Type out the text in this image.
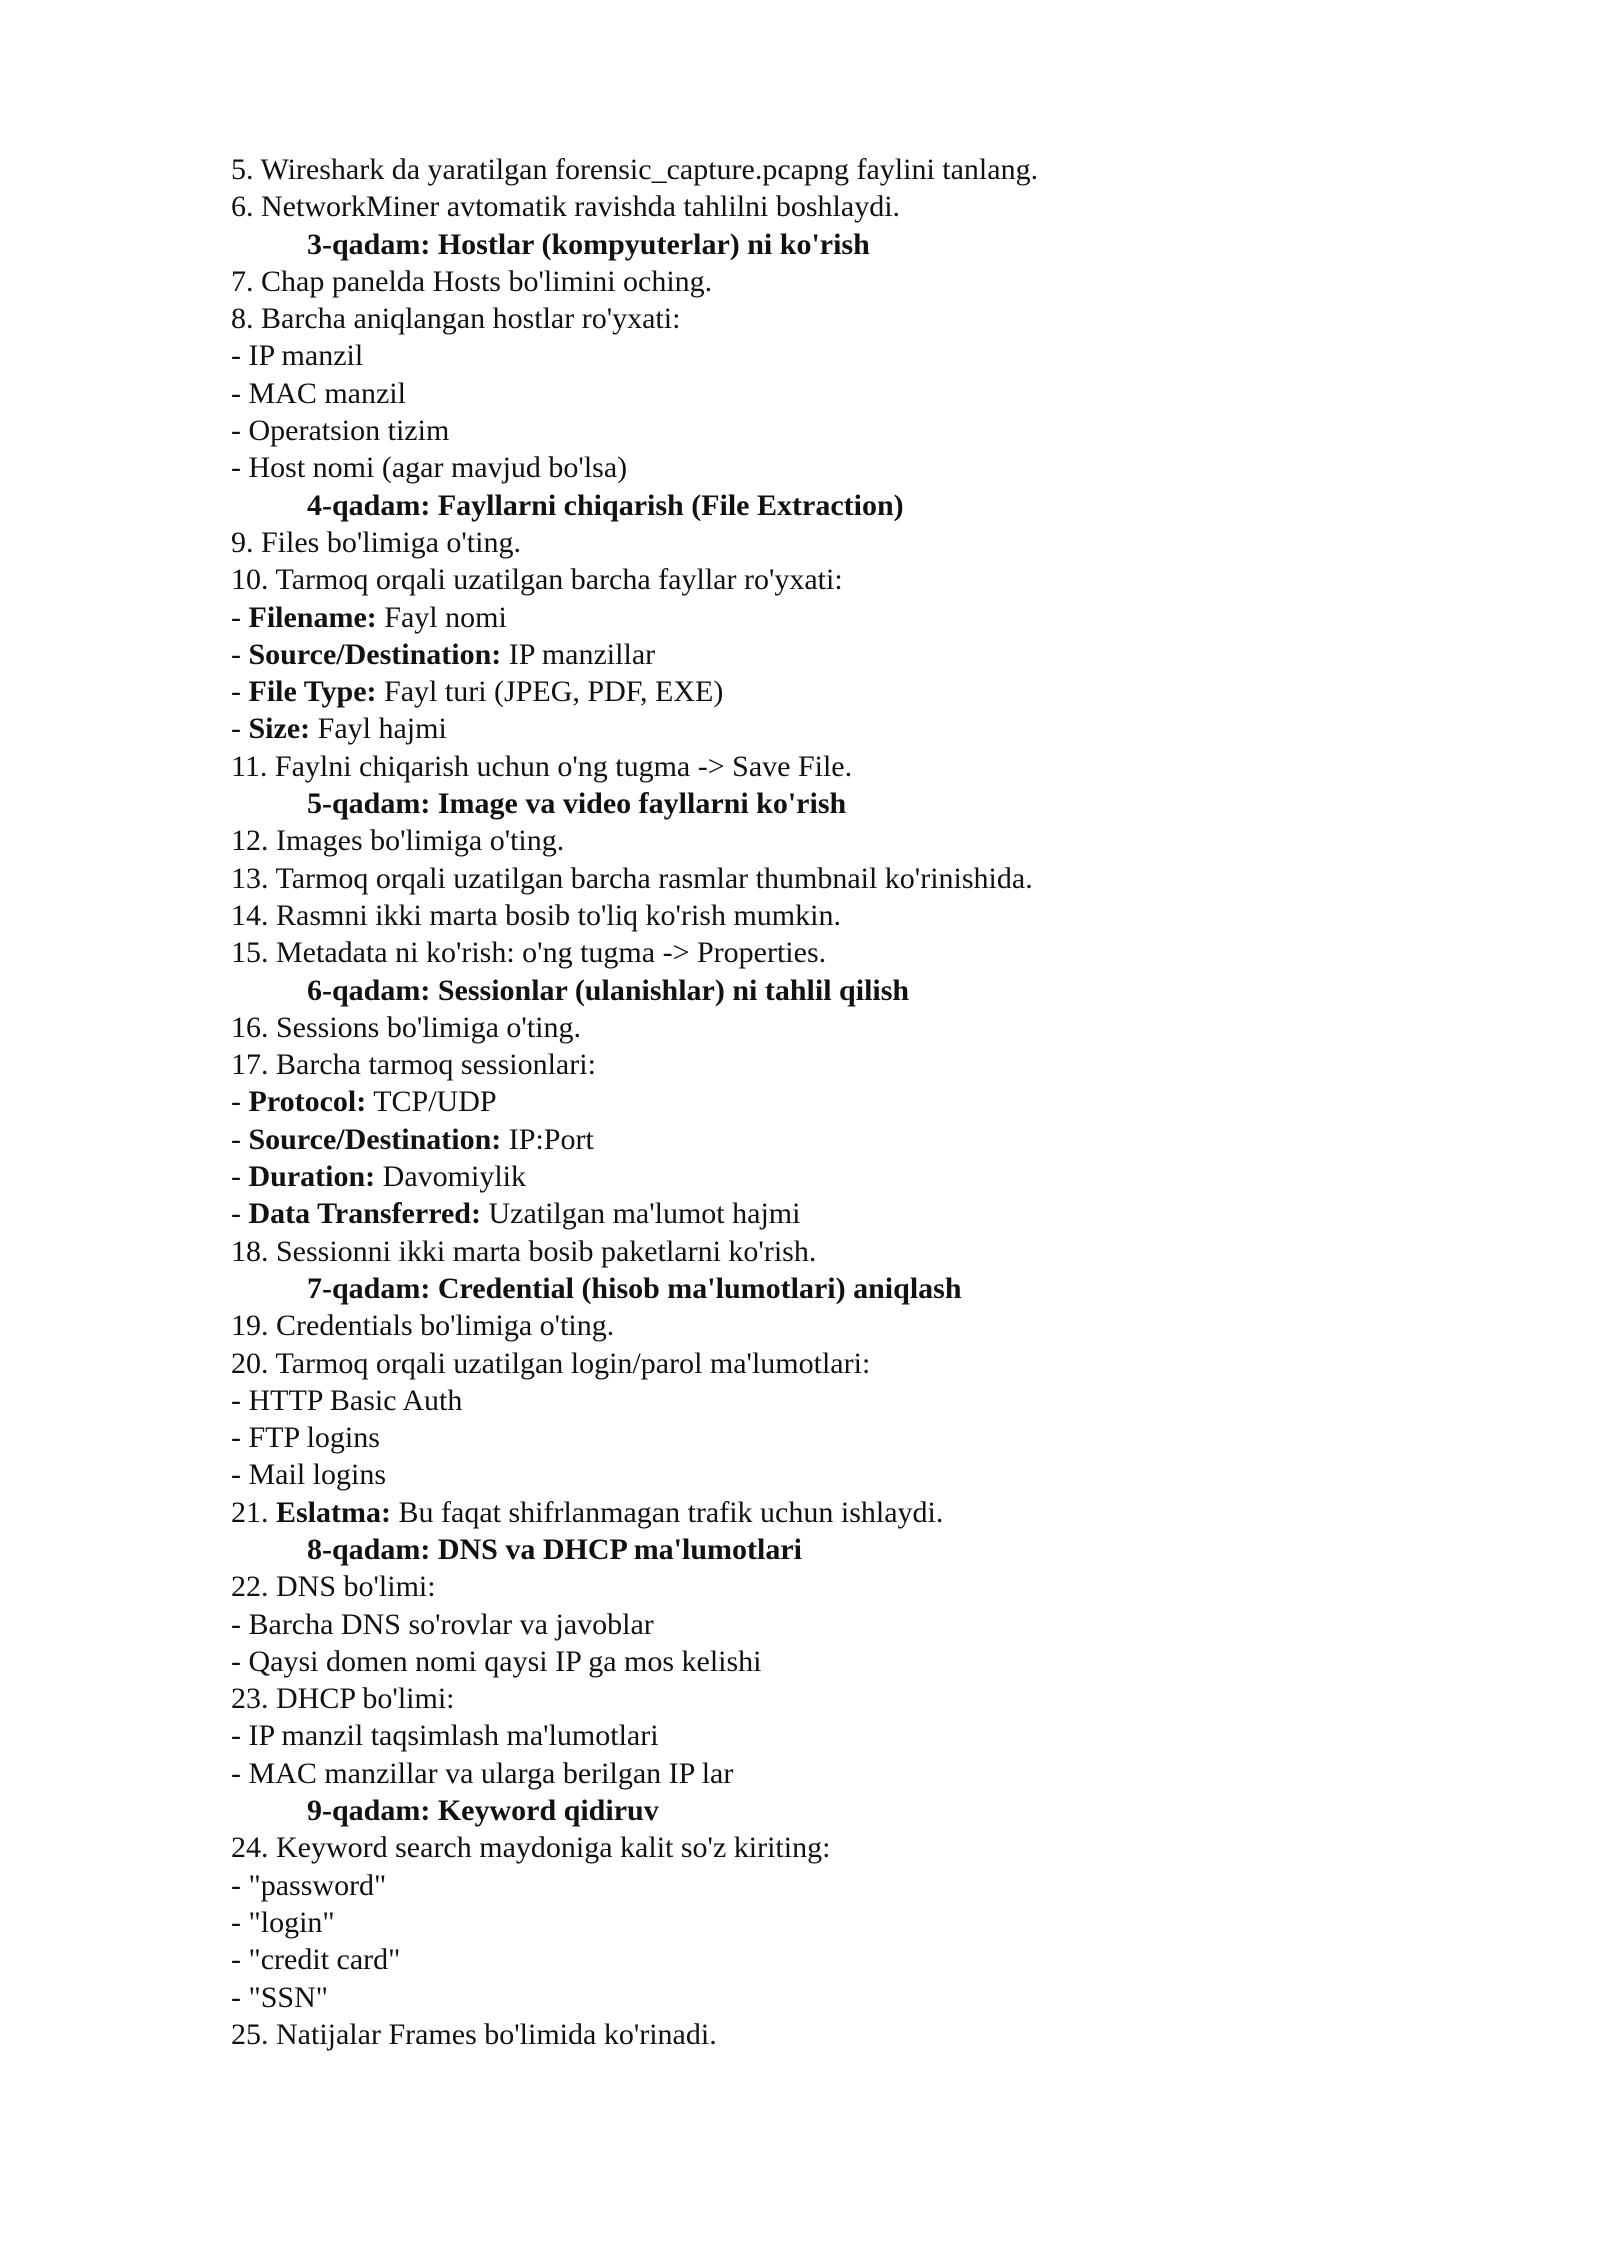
5. Wireshark da yaratilgan forensic_capture.pcapng faylini tanlang.
6. NetworkMiner avtomatik ravishda tahlilni boshlaydi.
3-qadam: Hostlar (kompyuterlar) ni ko'rish
7. Chap panelda Hosts bo'limini oching.
8. Barcha aniqlangan hostlar ro'yxati:
- IP manzil
- MAC manzil
- Operatsion tizim
- Host nomi (agar mavjud bo'lsa)
4-qadam: Fayllarni chiqarish (File Extraction)
9. Files bo'limiga o'ting.
10. Tarmoq orqali uzatilgan barcha fayllar ro'yxati:
- Filename: Fayl nomi
- Source/Destination: IP manzillar
- File Type: Fayl turi (JPEG, PDF, EXE)
- Size: Fayl hajmi
11. Faylni chiqarish uchun o'ng tugma -> Save File.
5-qadam: Image va video fayllarni ko'rish
12. Images bo'limiga o'ting.
13. Tarmoq orqali uzatilgan barcha rasmlar thumbnail ko'rinishida.
14. Rasmni ikki marta bosib to'liq ko'rish mumkin.
15. Metadata ni ko'rish: o'ng tugma -> Properties.
6-qadam: Sessionlar (ulanishlar) ni tahlil qilish
16. Sessions bo'limiga o'ting.
17. Barcha tarmoq sessionlari:
- Protocol: TCP/UDP
- Source/Destination: IP:Port
- Duration: Davomiylik
- Data Transferred: Uzatilgan ma'lumot hajmi
18. Sessionni ikki marta bosib paketlarni ko'rish.
7-qadam: Credential (hisob ma'lumotlari) aniqlash
19. Credentials bo'limiga o'ting.
20. Tarmoq orqali uzatilgan login/parol ma'lumotlari:
- HTTP Basic Auth
- FTP logins
- Mail logins
21. Eslatma: Bu faqat shifrlanmagan trafik uchun ishlaydi.
8-qadam: DNS va DHCP ma'lumotlari
22. DNS bo'limi:
- Barcha DNS so'rovlar va javoblar
- Qaysi domen nomi qaysi IP ga mos kelishi
23. DHCP bo'limi:
- IP manzil taqsimlash ma'lumotlari
- MAC manzillar va ularga berilgan IP lar
9-qadam: Keyword qidiruv
24. Keyword search maydoniga kalit so'z kiriting:
- "password"
- "login"
- "credit card"
- "SSN"
25. Natijalar Frames bo'limida ko'rinadi.
